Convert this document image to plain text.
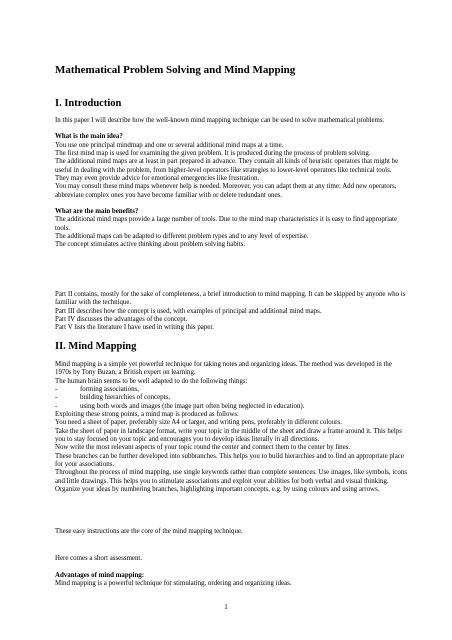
Mathematical Problem Solving and Mind Mapping
I. Introduction

In this paper I will describe how the well-known mind mapping technique can be used to solve mathematical problems.

What is the main idea?

You use one principal mindmap and one or several additional mind maps at a time.

The first mind map is used for examining the given problem. It is produced during the process of problem solving.

The additional mind maps are at least in part prepared in advance. They contain all kinds of heuristic operators that might be useful in dealing with the problem, from higher-level operators like strategies to lower-level operators like technical tools. They may even provide advice for emotional emergencies like frustration.

You may consult these mind maps whenever help is needed. Moreover, you can adapt them at any time: Add new operators, abbreviate complex ones you have become familiar with or delete redundant ones.

What are the main benefits?

The additional mind maps provide a large number of tools. Due to the mind map characteristics it is easy to find appropriate tools.

The additional maps can be adapted to different problem types and to any level of expertise.

The concept stimulates active thinking about problem solving habits.

Part II contains, mostly for the sake of completeness, a brief introduction to mind mapping. It can be skipped by anyone who is familiar with the technique.

Part III describes how the concept is used, with examples of principal and additional mind maps.

Part IV discusses the advantages of the concept.

Part V lists the literature I have used in writing this paper.

II. Mind Mapping

Mind mapping is a simple yet powerful technique for taking notes and organizing ideas. The method was developed in the 1970s by Tony Buzan, a British expert on learning.

The human brain seems to be well adapted to do the following things:

-	forming associations,
-	building hierarchies of concepts,
-	using both words and images (the image part often being neglected in education).

Exploiting these strong points, a mind map is produced as follows:

You need a sheet of paper, preferably size A4 or larger, and writing pens, preferably in different colours.

Take the sheet of paper in landscape format, write your topic in the middle of the sheet and draw a frame around it. This helps you to stay focused on your topic and encourages you to develop ideas literally in all directions.

Now write the most relevant aspects of your topic round the center and connect them to the center by lines.

These branches can be further developed into subbranches. This helps you to build hierarchies and to find an appropriate place for your associations.

Throughout the process of mind mapping, use single keywords rather than complete sentences. Use images, like symbols, icons and little drawings. This helps you to stimulate associations and exploit your abilities for both verbal and visual thinking.

Organize your ideas by numbering branches, highlighting important concepts, e.g. by using colours and using arrows.

These easy instructions are the core of the mind mapping technique.

Here comes a short assessment.

Advantages of mind mapping:

Mind mapping is a powerful technique for stimulating, ordering and organizing ideas.

1
